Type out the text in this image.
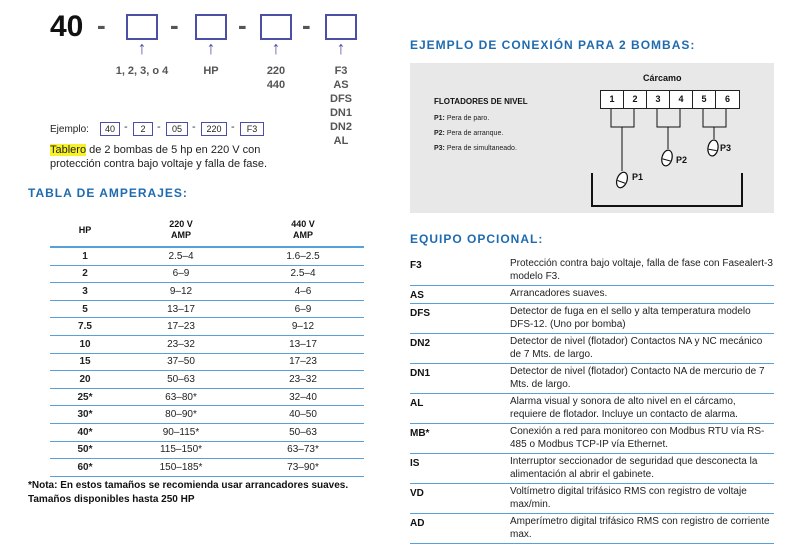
40 - - - -
↑	↑	↑	↑
1, 2, 3, o 4	HP	220
440
F3
AS
DFS
DN1
DN2
AL
Ejemplo:	40 -	2	-	05 -	220 -	F3
Tablero de 2 bombas de 5 hp en 220 V con protección contra bajo voltaje y falla de fase.
TABLA DE AMPERAJES:
HP
220 V
AMP
440 V
AMP
1	2.5–4	1.6–2.5
2	6–9	2.5–4
3	9–12	4–6
5	13–17	6–9
7.5	17–23	9–12
10	23–32	13–17
15	37–50	17–23
20	50–63	23–32
25*	63–80*	32–40
30*	80–90*	40–50
40*	90–115*	50–63
50*	115–150*	63–73*
60*	150–185*	73–90*
*Nota: En estos tamaños se recomienda usar arrancadores suaves.
Tamaños disponibles hasta 250 HP
EJEMPLO DE CONEXIÓN PARA 2 BOMBAS:
Cárcamo
FLOTADORES DE NIVEL
P1: Pera de paro.
P2: Pera de arranque.
P3: Pera de simultaneado.
1	2	3	4	5	6
P1
P2
P3
EQUIPO OPCIONAL:
F3	Protección contra bajo voltaje, falla de fase con Fasealert-3 modelo F3.
AS	Arrancadores suaves.
DFS	Detector de fuga en el sello y alta temperatura modelo DFS-12. (Uno por bomba)
DN2	Detector de nivel (flotador) Contactos NA y NC mecánico de 7 Mts. de largo.
DN1	Detector de nivel (flotador) Contacto NA de mercurio de 7 Mts. de largo.
AL	Alarma visual y sonora de alto nivel en el cárcamo, requiere de flotador. Incluye un contacto de alarma.
MB*	Conexión a red para monitoreo con Modbus RTU vía RS-485 o Modbus TCP-IP vía Ethernet.
IS	Interruptor seccionador de seguridad que desconecta la alimentación al abrir el gabinete.
VD	Voltímetro digital trifásico RMS con registro de voltaje max/min.
AD	Amperímetro digital trifásico RMS con registro de corriente max.
